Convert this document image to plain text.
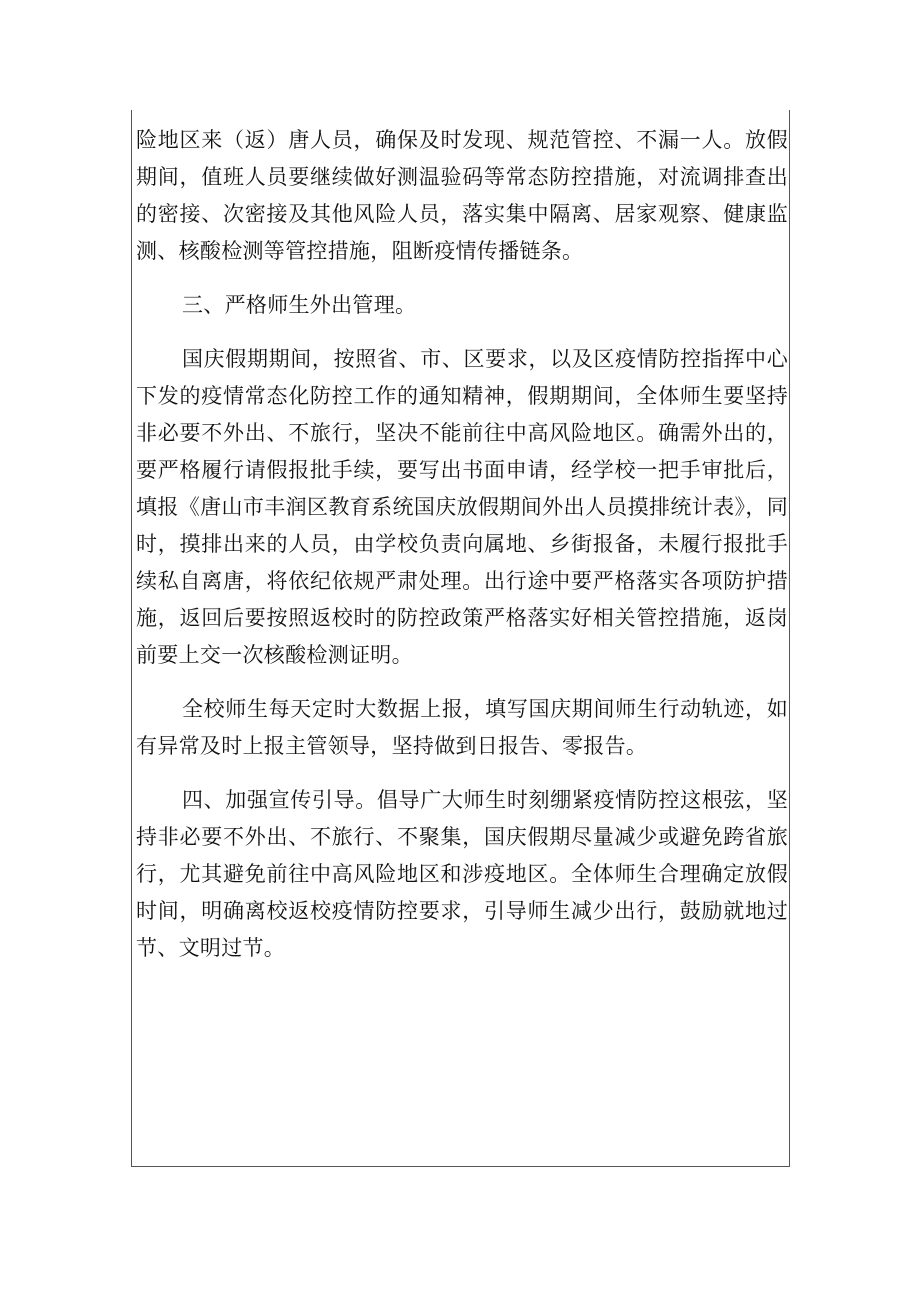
险地区来（返）唐人员，确保及时发现、规范管控、不漏一人。放假期间，值班人员要继续做好测温验码等常态防控措施，对流调排查出的密接、次密接及其他风险人员，落实集中隔离、居家观察、健康监测、核酸检测等管控措施，阻断疫情传播链条。

三、严格师生外出管理。

国庆假期期间，按照省、市、区要求，以及区疫情防控指挥中心下发的疫情常态化防控工作的通知精神，假期期间，全体师生要坚持非必要不外出、不旅行，坚决不能前往中高风险地区。确需外出的，要严格履行请假报批手续，要写出书面申请，经学校一把手审批后，填报《唐山市丰润区教育系统国庆放假期间外出人员摸排统计表》，同时，摸排出来的人员，由学校负责向属地、乡街报备，未履行报批手续私自离唐，将依纪依规严肃处理。出行途中要严格落实各项防护措施，返回后要按照返校时的防控政策严格落实好相关管控措施，返岗前要上交一次核酸检测证明。

全校师生每天定时大数据上报，填写国庆期间师生行动轨迹，如有异常及时上报主管领导，坚持做到日报告、零报告。

四、加强宣传引导。倡导广大师生时刻绷紧疫情防控这根弦，坚持非必要不外出、不旅行、不聚集，国庆假期尽量减少或避免跨省旅行，尤其避免前往中高风险地区和涉疫地区。全体师生合理确定放假时间，明确离校返校疫情防控要求，引导师生减少出行，鼓励就地过节、文明过节。
